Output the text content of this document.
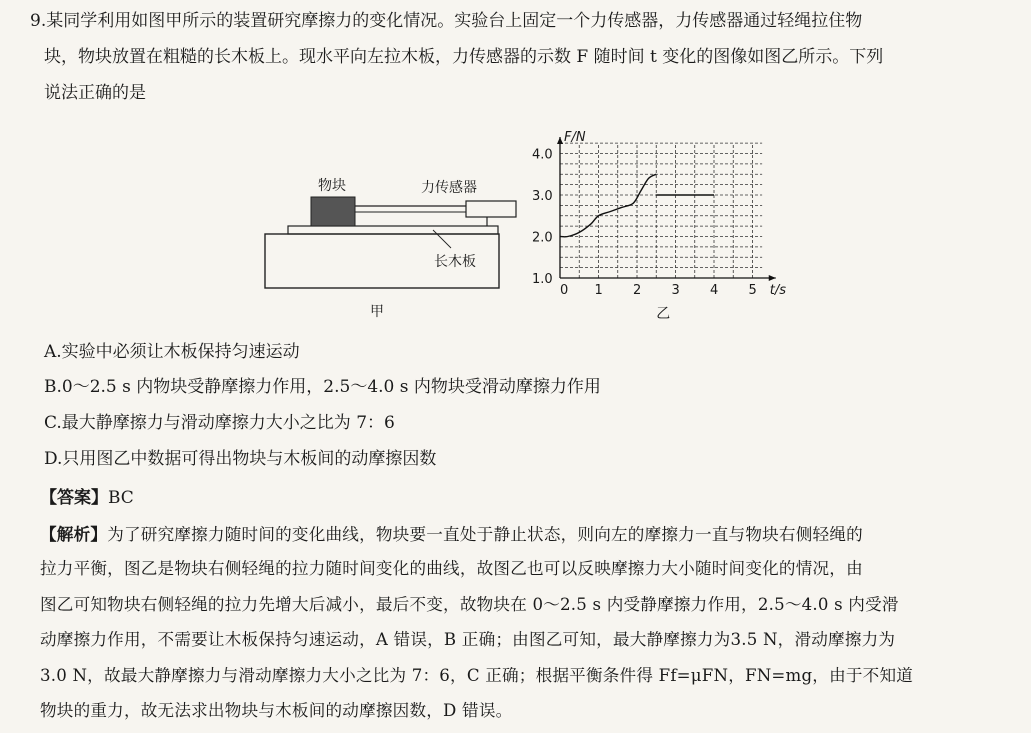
9.某同学利用如图甲所示的装置研究摩擦力的变化情况。实验台上固定一个力传感器，力传感器通过轻绳拉住物
块，物块放置在粗糙的长木板上。现水平向左拉木板，力传感器的示数 F 随时间 t 变化的图像如图乙所示。下列
说法正确的是
物块	力传感器
长木板
甲
0 1 2 3 4 5
1.0
2.0
3.0
4.0
F/N
t/s
乙
A.实验中必须让木板保持匀速运动
B.0～2.5 s 内物块受静摩擦力作用，2.5～4.0 s 内物块受滑动摩擦力作用
C.最大静摩擦力与滑动摩擦力大小之比为 7：6
D.只用图乙中数据可得出物块与木板间的动摩擦因数
【答案】BC
【解析】为了研究摩擦力随时间的变化曲线，物块要一直处于静止状态，则向左的摩擦力一直与物块右侧轻绳的
拉力平衡，图乙是物块右侧轻绳的拉力随时间变化的曲线，故图乙也可以反映摩擦力大小随时间变化的情况，由
图乙可知物块右侧轻绳的拉力先增大后减小，最后不变，故物块在 0～2.5 s 内受静摩擦力作用，2.5～4.0 s 内受滑
动摩擦力作用，不需要让木板保持匀速运动，A 错误，B 正确；由图乙可知，最大静摩擦力为3.5 N，滑动摩擦力为
3.0 N，故最大静摩擦力与滑动摩擦力大小之比为 7：6，C 正确；根据平衡条件得 Ff=μFN，FN=mg，由于不知道
物块的重力，故无法求出物块与木板间的动摩擦因数，D 错误。
